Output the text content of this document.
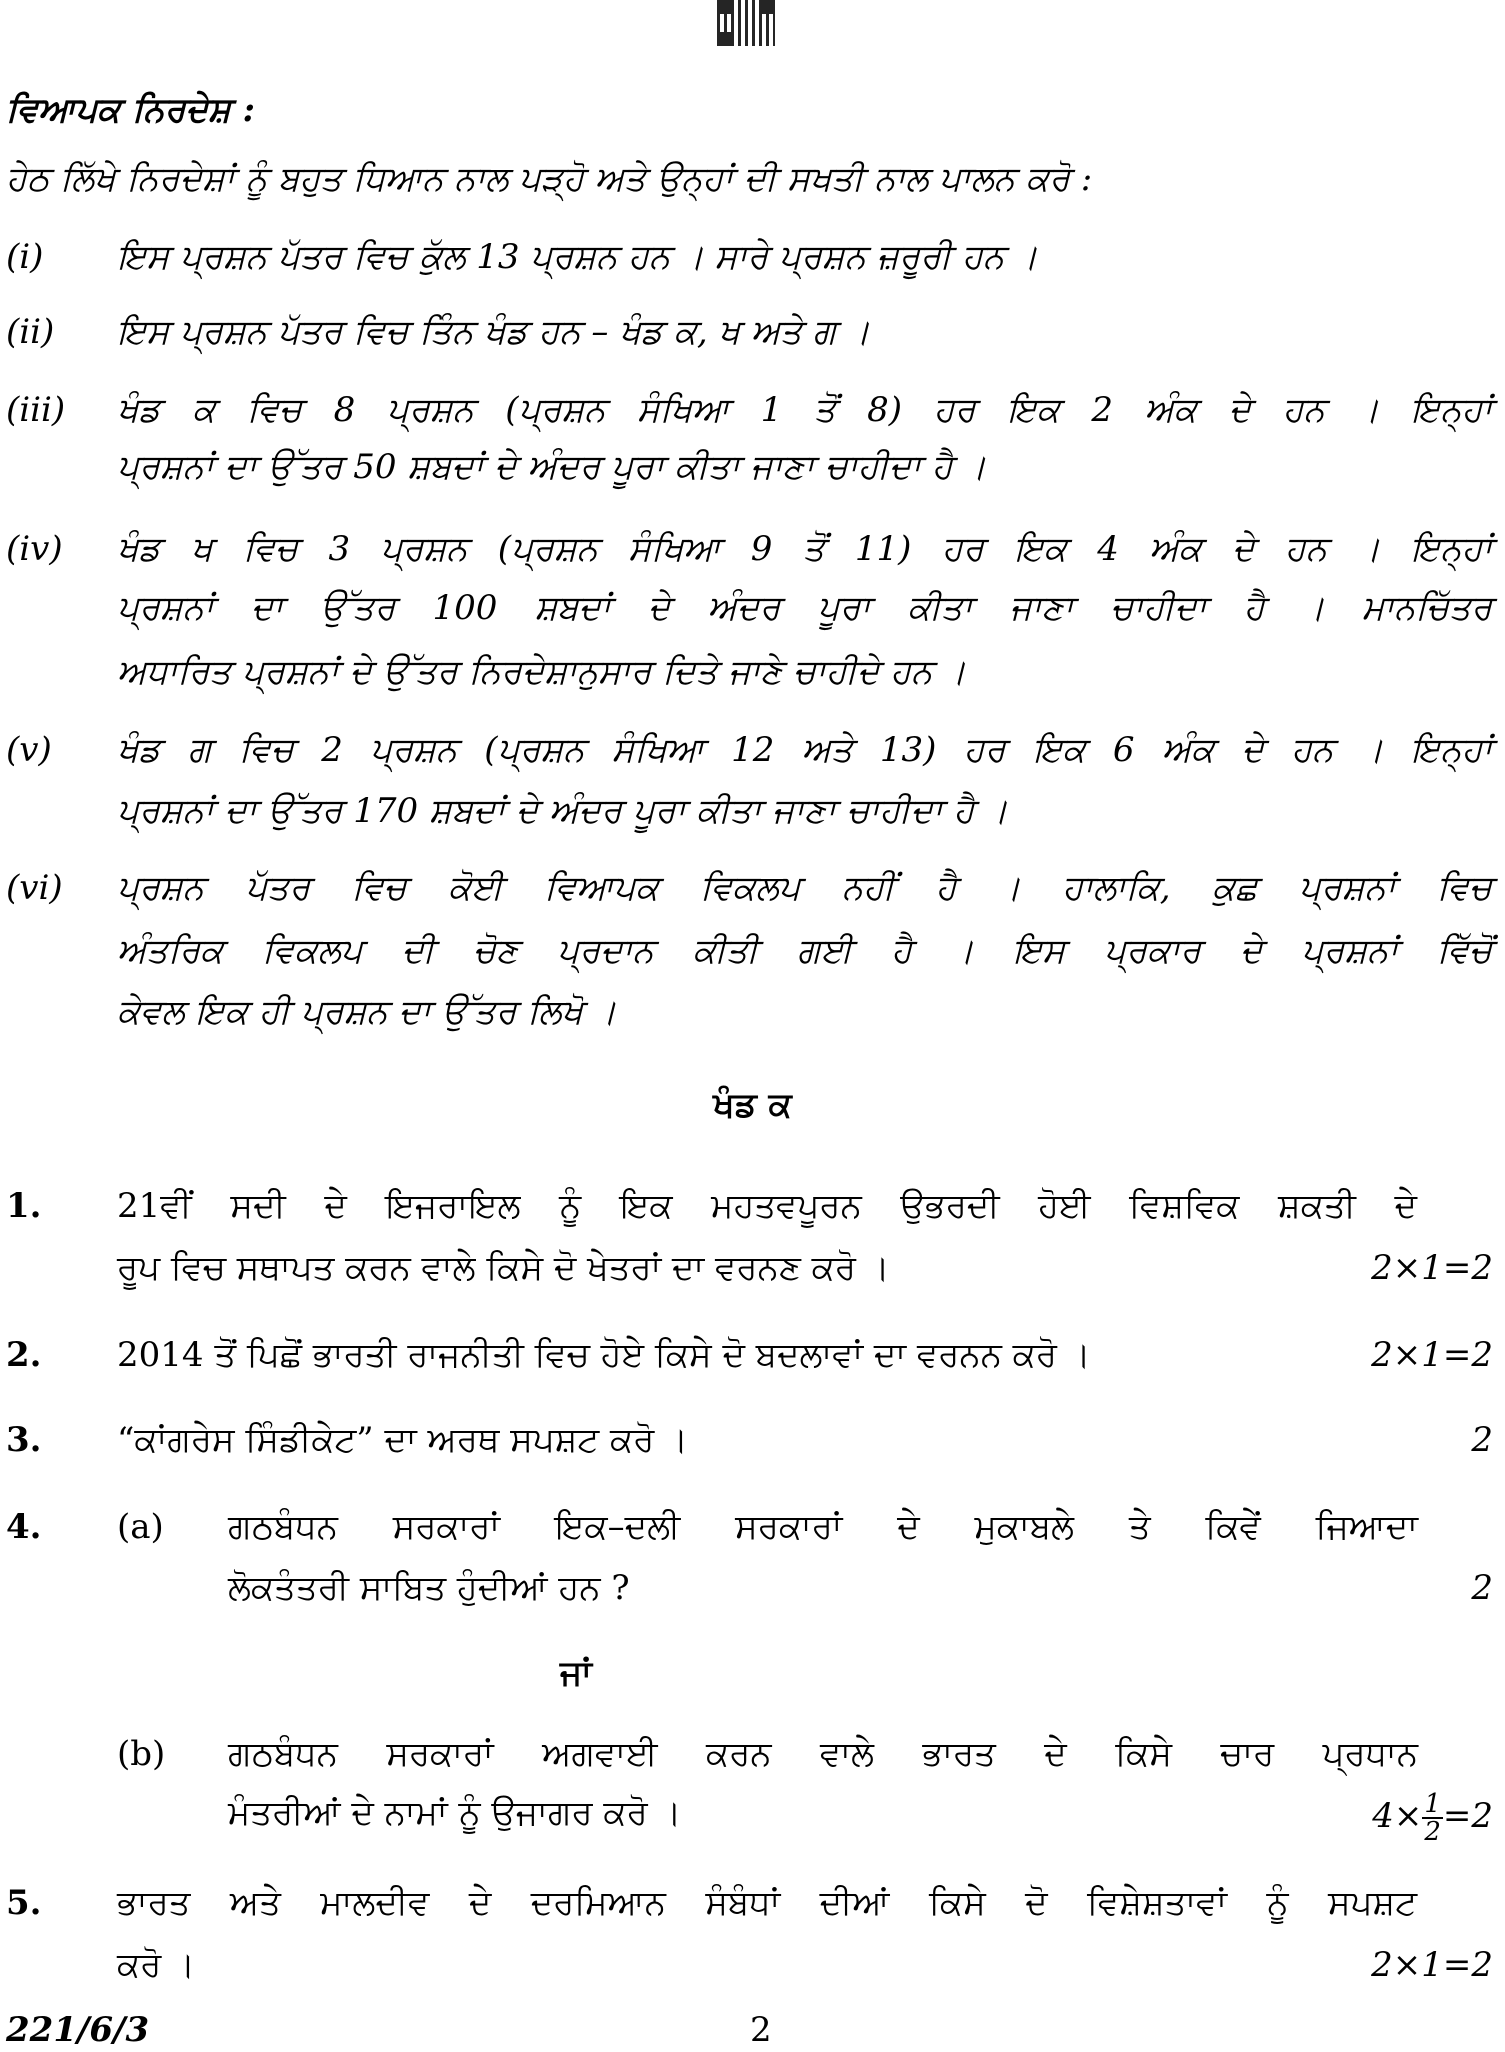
ਵਿਆਪਕ ਨਿਰਦੇਸ਼ :
ਹੇਠ ਲਿੱਖੇ ਨਿਰਦੇਸ਼ਾਂ ਨੂੰ ਬਹੁਤ ਧਿਆਨ ਨਾਲ ਪੜ੍ਹੋ ਅਤੇ ਉਨ੍ਹਾਂ ਦੀ ਸਖਤੀ ਨਾਲ ਪਾਲਨ ਕਰੋ :
(i) ਇਸ ਪ੍ਰਸ਼ਨ ਪੱਤਰ ਵਿਚ ਕੁੱਲ 13 ਪ੍ਰਸ਼ਨ ਹਨ । ਸਾਰੇ ਪ੍ਰਸ਼ਨ ਜ਼ਰੂਰੀ ਹਨ ।
(ii) ਇਸ ਪ੍ਰਸ਼ਨ ਪੱਤਰ ਵਿਚ ਤਿੰਨ ਖੰਡ ਹਨ – ਖੰਡ ਕ, ਖ ਅਤੇ ਗ ।
(iii) ਖੰਡ ਕ ਵਿਚ 8 ਪ੍ਰਸ਼ਨ (ਪ੍ਰਸ਼ਨ ਸੰਖਿਆ 1 ਤੋਂ 8) ਹਰ ਇਕ 2 ਅੰਕ ਦੇ ਹਨ । ਇਨ੍ਹਾਂ
ਪ੍ਰਸ਼ਨਾਂ ਦਾ ਉੱਤਰ 50 ਸ਼ਬਦਾਂ ਦੇ ਅੰਦਰ ਪੂਰਾ ਕੀਤਾ ਜਾਣਾ ਚਾਹੀਦਾ ਹੈ ।
(iv) ਖੰਡ ਖ ਵਿਚ 3 ਪ੍ਰਸ਼ਨ (ਪ੍ਰਸ਼ਨ ਸੰਖਿਆ 9 ਤੋਂ 11) ਹਰ ਇਕ 4 ਅੰਕ ਦੇ ਹਨ । ਇਨ੍ਹਾਂ
ਪ੍ਰਸ਼ਨਾਂ ਦਾ ਉੱਤਰ 100 ਸ਼ਬਦਾਂ ਦੇ ਅੰਦਰ ਪੂਰਾ ਕੀਤਾ ਜਾਣਾ ਚਾਹੀਦਾ ਹੈ । ਮਾਨਚਿੱਤਰ
ਅਧਾਰਿਤ ਪ੍ਰਸ਼ਨਾਂ ਦੇ ਉੱਤਰ ਨਿਰਦੇਸ਼ਾਨੁਸਾਰ ਦਿਤੇ ਜਾਣੇ ਚਾਹੀਦੇ ਹਨ ।
(v) ਖੰਡ ਗ ਵਿਚ 2 ਪ੍ਰਸ਼ਨ (ਪ੍ਰਸ਼ਨ ਸੰਖਿਆ 12 ਅਤੇ 13) ਹਰ ਇਕ 6 ਅੰਕ ਦੇ ਹਨ । ਇਨ੍ਹਾਂ
ਪ੍ਰਸ਼ਨਾਂ ਦਾ ਉੱਤਰ 170 ਸ਼ਬਦਾਂ ਦੇ ਅੰਦਰ ਪੂਰਾ ਕੀਤਾ ਜਾਣਾ ਚਾਹੀਦਾ ਹੈ ।
(vi) ਪ੍ਰਸ਼ਨ ਪੱਤਰ ਵਿਚ ਕੋਈ ਵਿਆਪਕ ਵਿਕਲਪ ਨਹੀਂ ਹੈ । ਹਾਲਾਕਿ, ਕੁਛ ਪ੍ਰਸ਼ਨਾਂ ਵਿਚ
ਅੰਤਰਿਕ ਵਿਕਲਪ ਦੀ ਚੋਣ ਪ੍ਰਦਾਨ ਕੀਤੀ ਗਈ ਹੈ । ਇਸ ਪ੍ਰਕਾਰ ਦੇ ਪ੍ਰਸ਼ਨਾਂ ਵਿੱਚੋਂ
ਕੇਵਲ ਇਕ ਹੀ ਪ੍ਰਸ਼ਨ ਦਾ ਉੱਤਰ ਲਿਖੋ ।
ਖੰਡ ਕ
1. 21ਵੀਂ ਸਦੀ ਦੇ ਇਜਰਾਇਲ ਨੂੰ ਇਕ ਮਹਤਵਪੂਰਨ ਉਭਰਦੀ ਹੋਈ ਵਿਸ਼ਵਿਕ ਸ਼ਕਤੀ ਦੇ
ਰੂਪ ਵਿਚ ਸਥਾਪਤ ਕਰਨ ਵਾਲੇ ਕਿਸੇ ਦੋ ਖੇਤਰਾਂ ਦਾ ਵਰਨਣ ਕਰੋ ।	2×1=2
2. 2014 ਤੋਂ ਪਿਛੋਂ ਭਾਰਤੀ ਰਾਜਨੀਤੀ ਵਿਚ ਹੋਏ ਕਿਸੇ ਦੋ ਬਦਲਾਵਾਂ ਦਾ ਵਰਨਨ ਕਰੋ ।	2×1=2
3. “ਕਾਂਗਰੇਸ ਸਿੰਡੀਕੇਟ” ਦਾ ਅਰਥ ਸਪਸ਼ਟ ਕਰੋ ।	2
4. (a) ਗਠਬੰਧਨ ਸਰਕਾਰਾਂ ਇਕ–ਦਲੀ ਸਰਕਾਰਾਂ ਦੇ ਮੁਕਾਬਲੇ ਤੇ ਕਿਵੇਂ ਜਿਆਦਾ
ਲੋਕਤੰਤਰੀ ਸਾਬਿਤ ਹੁੰਦੀਆਂ ਹਨ ?	2
ਜਾਂ
(b) ਗਠਬੰਧਨ ਸਰਕਾਰਾਂ ਅਗਵਾਈ ਕਰਨ ਵਾਲੇ ਭਾਰਤ ਦੇ ਕਿਸੇ ਚਾਰ ਪ੍ਰਧਾਨ
ਮੰਤਰੀਆਂ ਦੇ ਨਾਮਾਂ ਨੂੰ ਉਜਾਗਰ ਕਰੋ ।	$4\times \frac{1}{2} =2$
5. ਭਾਰਤ ਅਤੇ ਮਾਲਦੀਵ ਦੇ ਦਰਮਿਆਨ ਸੰਬੰਧਾਂ ਦੀਆਂ ਕਿਸੇ ਦੋ ਵਿਸ਼ੇਸ਼ਤਾਵਾਂ ਨੂੰ ਸਪਸ਼ਟ
ਕਰੋ ।	2×1=2
221/6/3	2
